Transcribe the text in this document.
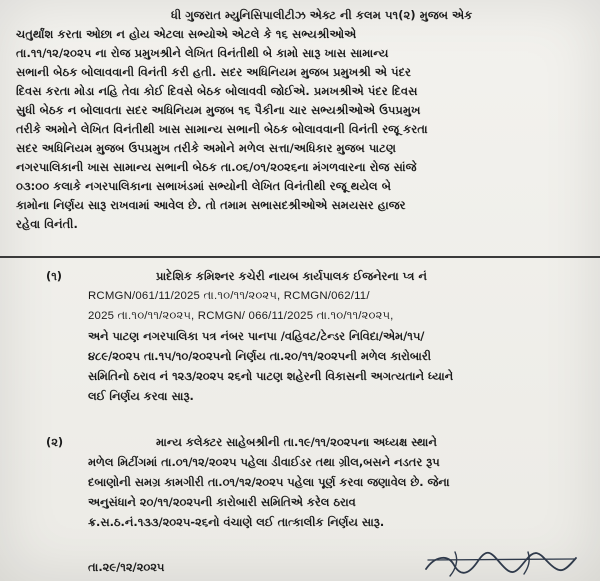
ધી ગુજરાત મ્યુનિસિપાલીટીઝ એક્ટ ની કલમ ૫૧(૨) મુજબ એક
ચતુર્થાંશ કરતા ઓછા ન હોય એટલા સભ્યોએ એટલે કે ૧૬ સભ્યશ્રીઓએ
તા.૧૧/૧૨/૨૦૨૫ ના રોજ પ્રમુખશ્રીને લેખિત વિનંતીથી બે કામો સારૂ ખાસ સામાન્ય
સભાની બેઠક બોલાવવાની વિનંતી કરી હતી. સદર અધિનિયમ મુજબ પ્રમુખશ્રી એ પંદર
દિવસ કરતા મોડા નહિ તેવા કોઈ દિવસે બેઠક બોલાવવી જોઈએ. પ્રમખશ્રીએ પંદર દિવસ
સુધી બેઠક ન બોલાવતા સદર અધિનિયમ મુજબ ૧૬ પૈકીના ચાર સભ્યશ્રીઓએ ઉપપ્રમુખ
તરીકે અમોને લેખિત વિનંતીથી ખાસ સામાન્ય સભાની બેઠક બોલાવવાની વિનંતી રજૂ કરતા
સદર અધિનિયમ મુજબ ઉપપ્રમુખ તરીકે અમોને મળેલ સત્તા/અધિકાર મુજબ પાટણ
નગરપાલિકાની ખાસ સામાન્ય સભાની બેઠક તા.૦૬/૦૧/૨૦૨૬ના મંગળવારના રોજ સાંજે
૦૩:૦૦ કલાકે નગરપાલિકાના સભાખંડમાં સભ્યોની લેખિત વિનંતીથી રજૂ થયેલ બે
કામોના નિર્ણય સારૂ રાખવામાં આવેલ છે. તો તમામ સભાસદશ્રીઓએ સમયસર હાજર
રહેવા વિનંતી.
(૧)	પ્રાદેશિક કમિશ્નર કચેરી નાયબ કાર્યપાલક ઈજનેરના પ્ત્ર નં
RCMGN/061/11/2025 તા.૧૦/૧૧/૨૦૨૫, RCMGN/062/11/
2025 તા.૧૦/૧૧/૨૦૨૫, RCMGN/ 066/11/2025 તા.૧૦/૧૧/૨૦૨૫,
અને પાટણ નગરપાલિકા પત્ર નંબર પાનપા /વહિવટ/ટેન્ડર નિવિદા/એમ/૧૫/
૪૮૯/૨૦૨૫ તા.૧૫/૧૦/૨૦૨૫નો નિર્ણય તા.૨૦/૧૧/૨૦૨૫ની મળેલ કારોબારી
સમિતિનો ઠરાવ નં ૧૨૩/૨૦૨૫ ૨૬નો પાટણ શહેરની વિકાસની અગત્યતાને ધ્યાને
લઈ નિર્ણય કરવા સારૂ.
(૨)	માન્ય કલેક્ટર સાહેબશ્રીની તા.૧૯/૧૧/૨૦૨૫ના અધ્યક્ષ સ્થાને
મળેલ મિટીંગમાં તા.૦૧/૧૨/૨૦૨૫ પહેલા ડીવાઈડર તથા ગ્રીલ,બસને નડતર રૂપ
દબાણોની સમગ્ર કામગીરી તા.૦૧/૧૨/૨૦૨૫ પહેલા પૂર્ણ કરવા જણાવેલ છે. જેના
અનુસંધાને ૨૦/૧૧/૨૦૨૫ની કારોબારી સમિતિએ કરેલ ઠરાવ
ક્ર.સ.ઠ.નં.૧૩૩/૨૦૨૫-૨૬નો વંચાણે લઈ તાત્કાલીક નિર્ણય સારૂ.
તા.૨૯/૧૨/૨૦૨૫
